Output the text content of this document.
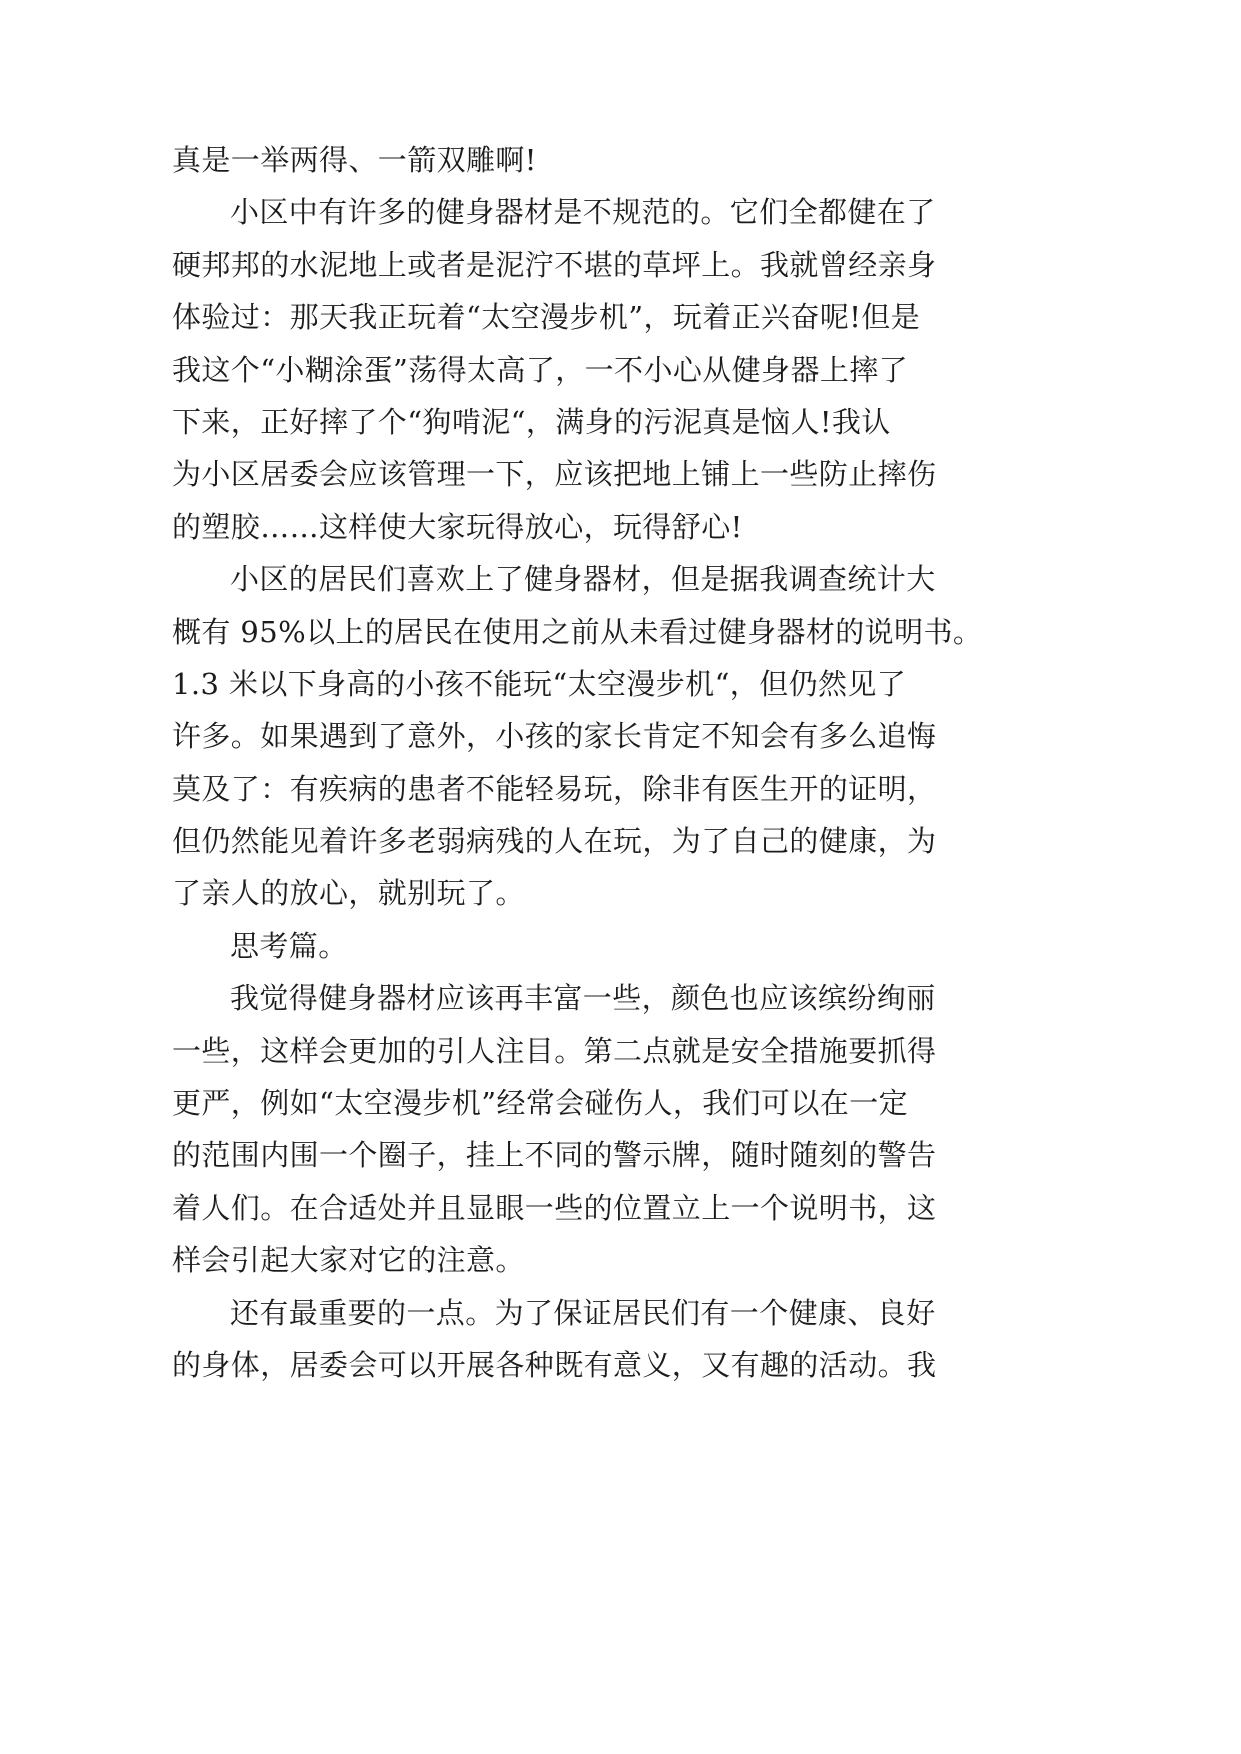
真是一举两得、一箭双雕啊!
小区中有许多的健身器材是不规范的。它们全都健在了
硬邦邦的水泥地上或者是泥泞不堪的草坪上。我就曾经亲身
体验过：那天我正玩着“太空漫步机”，玩着正兴奋呢!但是
我这个“小糊涂蛋”荡得太高了，一不小心从健身器上摔了
下来，正好摔了个“狗啃泥“，满身的污泥真是恼人!我认
为小区居委会应该管理一下，应该把地上铺上一些防止摔伤
的塑胶……这样使大家玩得放心，玩得舒心!
小区的居民们喜欢上了健身器材，但是据我调查统计大
概有 95%以上的居民在使用之前从未看过健身器材的说明书。
1.3 米以下身高的小孩不能玩“太空漫步机“，但仍然见了
许多。如果遇到了意外，小孩的家长肯定不知会有多么追悔
莫及了：有疾病的患者不能轻易玩，除非有医生开的证明，
但仍然能见着许多老弱病残的人在玩，为了自己的健康，为
了亲人的放心，就别玩了。
思考篇。
我觉得健身器材应该再丰富一些，颜色也应该缤纷绚丽
一些，这样会更加的引人注目。第二点就是安全措施要抓得
更严，例如“太空漫步机”经常会碰伤人，我们可以在一定
的范围内围一个圈子，挂上不同的警示牌，随时随刻的警告
着人们。在合适处并且显眼一些的位置立上一个说明书，这
样会引起大家对它的注意。
还有最重要的一点。为了保证居民们有一个健康、良好
的身体，居委会可以开展各种既有意义，又有趣的活动。我
